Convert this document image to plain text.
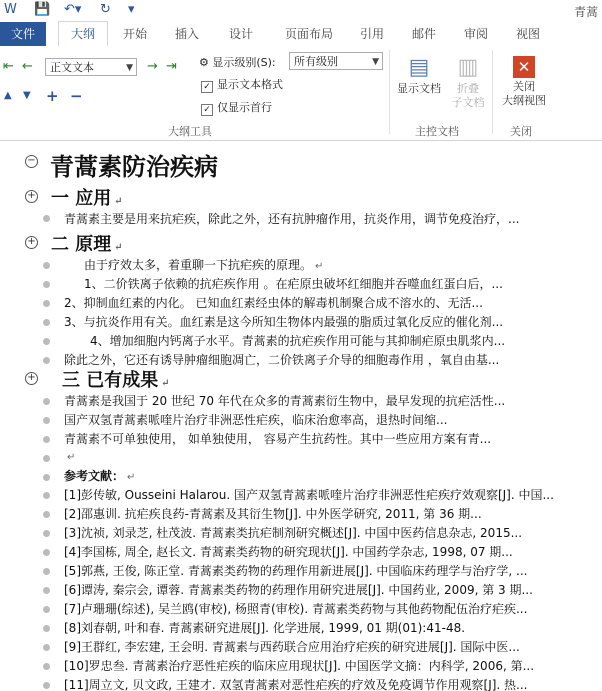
W 💾 ↶▾ ↻ ▾	青蒿
文件	大纲	开始	插入	设计	页面布局	引用	邮件	审阅	视图
⇤ ←	正文文本	▼ → ⇥
▲ ▼ + −
⚙ 显示级别(S):	所有级别	▼
✓ 显示文本格式
✓ 仅显示首行
大纲工具
▤
显示文档
▥
折叠
子文档
主控文档
✕
关闭
大纲视图
关闭
− 青蒿素防治疾病
+ 一 应用 ↵
青蒿素主要是用来抗疟疾，除此之外，还有抗肿瘤作用，抗炎作用，调节免疫治疗，...
+ 二 原理 ↵
由于疗效太多，着重聊一下抗疟疾的原理。 ↵
1、二价铁离子依赖的抗疟疾作用 。在疟原虫破坏红细胞并吞噬血红蛋白后，...
2、抑制血红素的内化。 已知血红素经虫体的解毒机制聚合成不溶水的、无活...
3、与抗炎作用有关。血红素是这今所知生物体内最强的脂质过氧化反应的催化剂...
4、增加细胞内钙离子水平。青蒿素的抗疟疾作用可能与其抑制疟原虫肌浆内...
除此之外，它还有诱导肿瘤细胞凋亡，二价铁离子介导的细胞毒作用 ，氧自由基...
+ 三 已有成果 ↵
青蒿素是我国于 20 世纪 70 年代在众多的青蒿素衍生物中，最早发现的抗疟活性...
国产双氢青蒿素哌喹片治疗非洲恶性疟疾，临床治愈率高，退热时间缩...
青蒿素不可单独使用， 如单独使用， 容易产生抗药性。其中一些应用方案有青...
↵
参考文献： ↵
[1]彭传敏, Ousseini Halarou. 国产双氢青蒿素哌喹片治疗非洲恶性疟疾疗效观察[J]. 中国...
[2]邵惠训. 抗疟疾良药-青蒿素及其衍生物[J]. 中外医学研究, 2011, 第 36 期...
[3]沈祯, 刘录芝, 杜茂波. 青蒿素类抗疟制剂研究概述[J]. 中国中医药信息杂志, 2015...
[4]李国栋, 周全, 赵长文. 青蒿素类药物的研究现状[J]. 中国药学杂志, 1998, 07 期...
[5]郭燕, 王俊, 陈正堂. 青蒿素类药物的药理作用新进展[J]. 中国临床药理学与治疗学, ...
[6]谭涛, 秦宗会, 谭蓉. 青蒿素类药物的药理作用研究进展[J]. 中国药业, 2009, 第 3 期...
[7]卢珊珊(综述), 吴兰鸥(审校), 杨照青(审校). 青蒿素类药物与其他药物配伍治疗疟疾...
[8]刘春朝, 叶和春. 青蒿素研究进展[J]. 化学进展, 1999, 01 期(01):41-48.
[9]王群红, 李宏建, 王会明. 青蒿素与西药联合应用治疗疟疾的研究进展[J]. 国际中医...
[10]罗忠叁. 青蒿素治疗恶性疟疾的临床应用现状[J]. 中国医学文摘：内科学, 2006, 第...
[11]周立文, 贝文政, 王建才. 双氢青蒿素对恶性疟疾的疗效及免疫调节作用观察[J]. 热...
